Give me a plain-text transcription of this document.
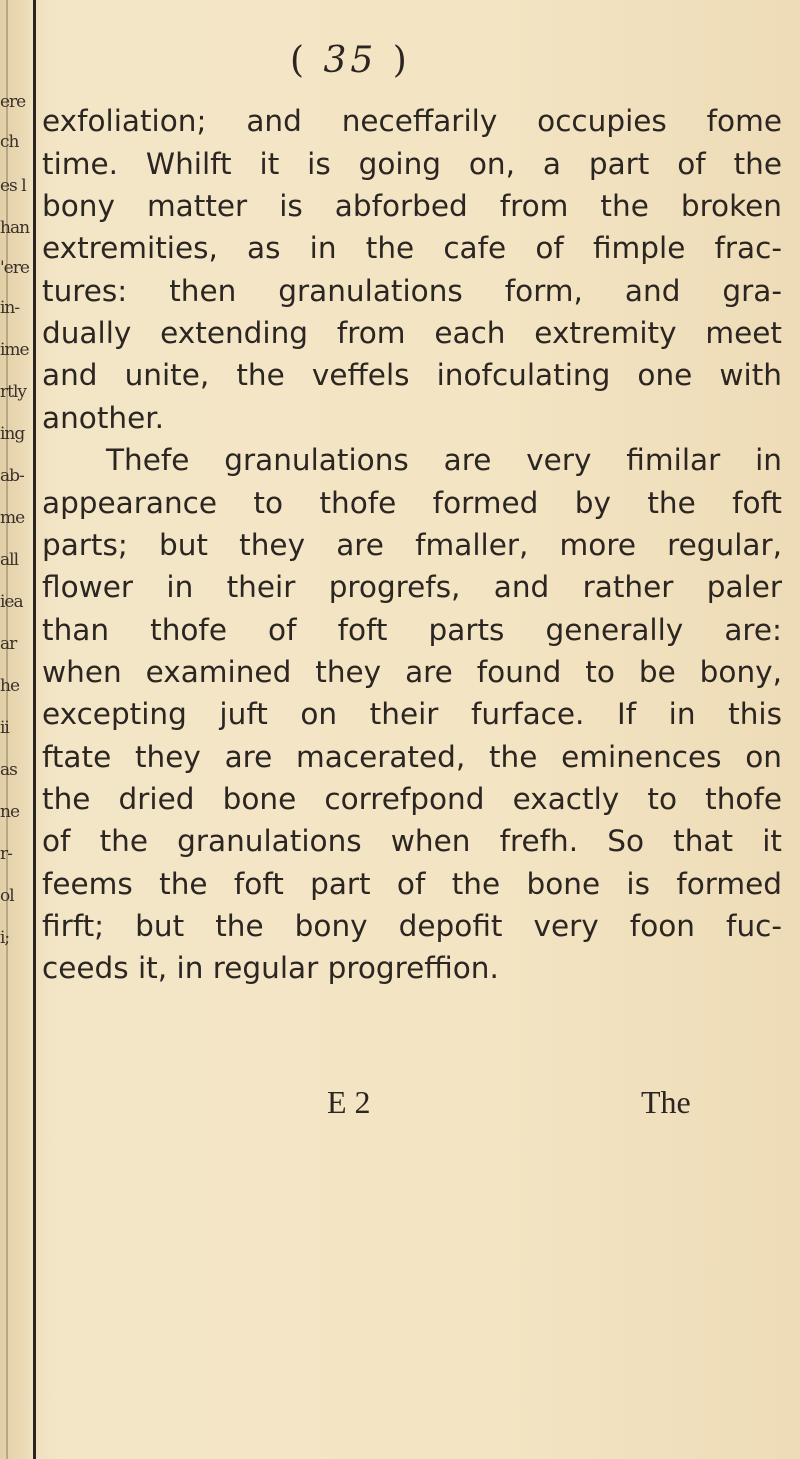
ere
ch
es l
han
'ere
in-
ime
rtly
ing
ab-
me
all
iea
ar
he
ii
as
ne
r-
ol
i;
( 35 )
exfoliation; and neceffarily occupies fome
time. Whilft it is going on, a part of the
bony matter is abforbed from the broken
extremities, as in the cafe of fimple frac-
tures: then granulations form, and gra-
dually extending from each extremity meet
and unite, the veffels inofculating one with
another.
Thefe granulations are very fimilar in
appearance to thofe formed by the foft
parts; but they are fmaller, more regular,
flower in their progrefs, and rather paler
than thofe of foft parts generally are:
when examined they are found to be bony,
excepting juft on their furface. If in this
ftate they are macerated, the eminences on
the dried bone correfpond exactly to thofe
of the granulations when frefh. So that it
feems the foft part of the bone is formed
firft; but the bony depofit very foon fuc-
ceeds it, in regular progreffion.
E 2	The
